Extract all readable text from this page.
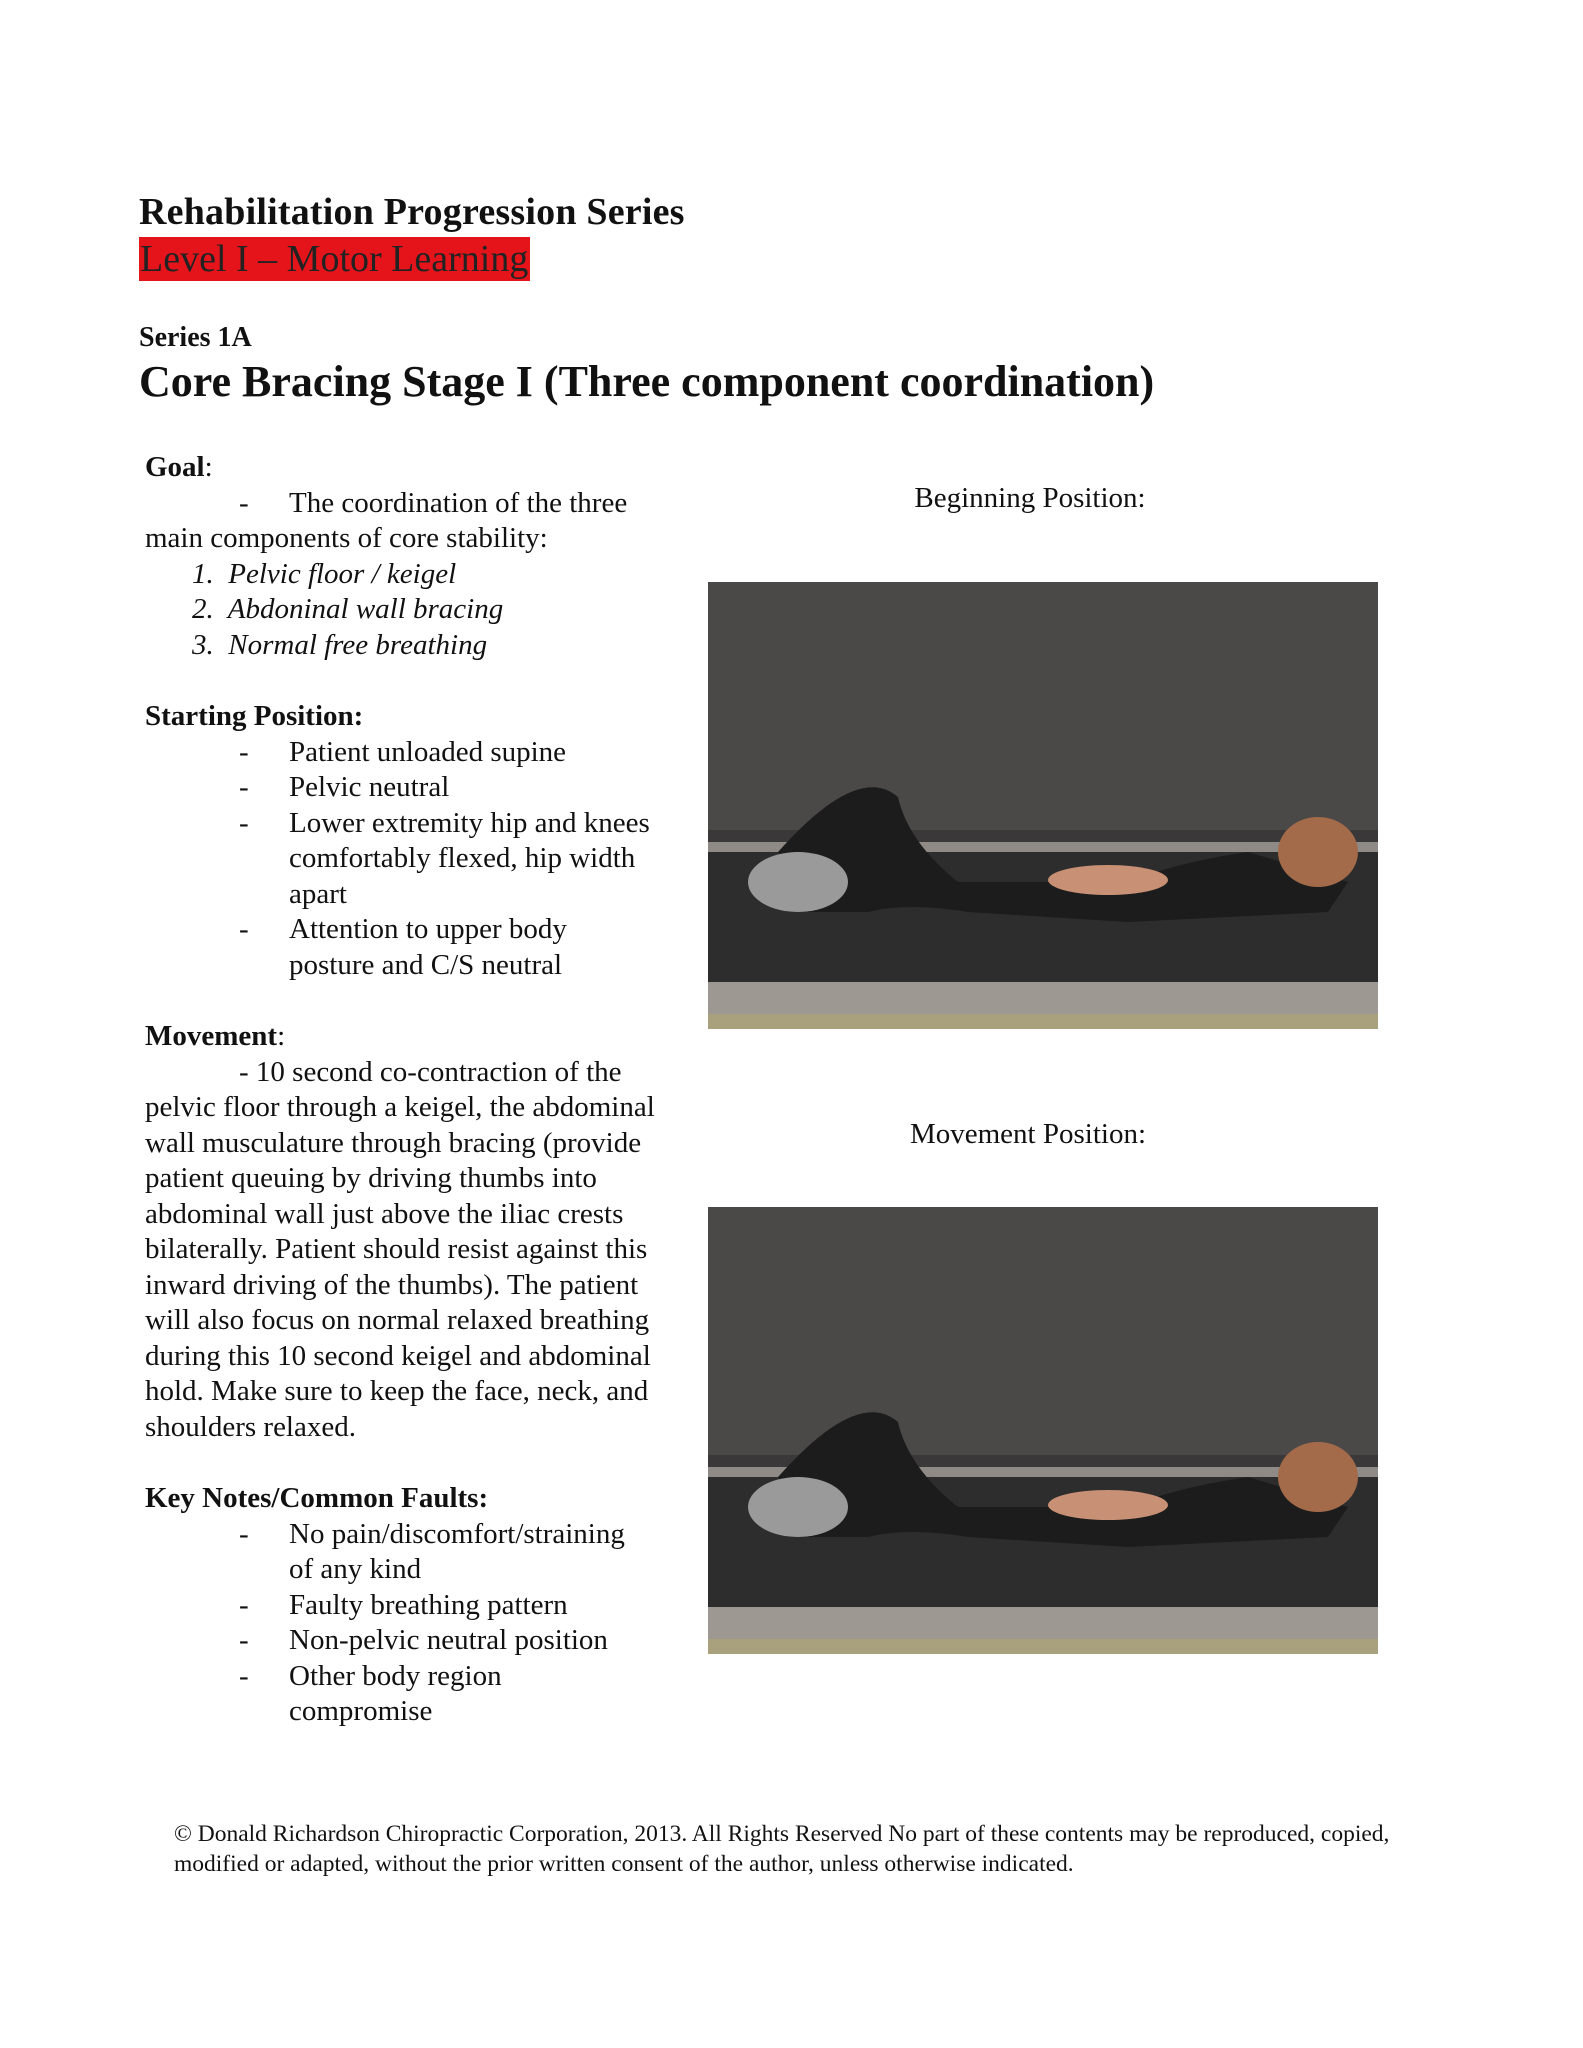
Rehabilitation Progression Series
Level I – Motor Learning
Series 1A
Core Bracing Stage I (Three component coordination)
Goal:
-	The coordination of the three
main components of core stability:
1. Pelvic floor / keigel
2. Abdoninal wall bracing
3. Normal free breathing
Starting Position:
-	Patient unloaded supine
-	Pelvic neutral
-	Lower extremity hip and knees comfortably flexed, hip width apart
-	Attention to upper body posture and C/S neutral
Movement:
- 10 second co-contraction of the
pelvic floor through a keigel, the abdominal wall musculature through bracing (provide patient queuing by driving thumbs into abdominal wall just above the iliac crests bilaterally. Patient should resist against this inward driving of the thumbs). The patient will also focus on normal relaxed breathing during this 10 second keigel and abdominal hold. Make sure to keep the face, neck, and shoulders relaxed.
Key Notes/Common Faults:
-	No pain/discomfort/straining of any kind
-	Faulty breathing pattern
-	Non-pelvic neutral position
-	Other body region compromise
Beginning Position:
Movement Position:
© Donald Richardson Chiropractic Corporation, 2013. All Rights Reserved No part of these contents may be reproduced, copied, modified or adapted, without the prior written consent of the author, unless otherwise indicated.
